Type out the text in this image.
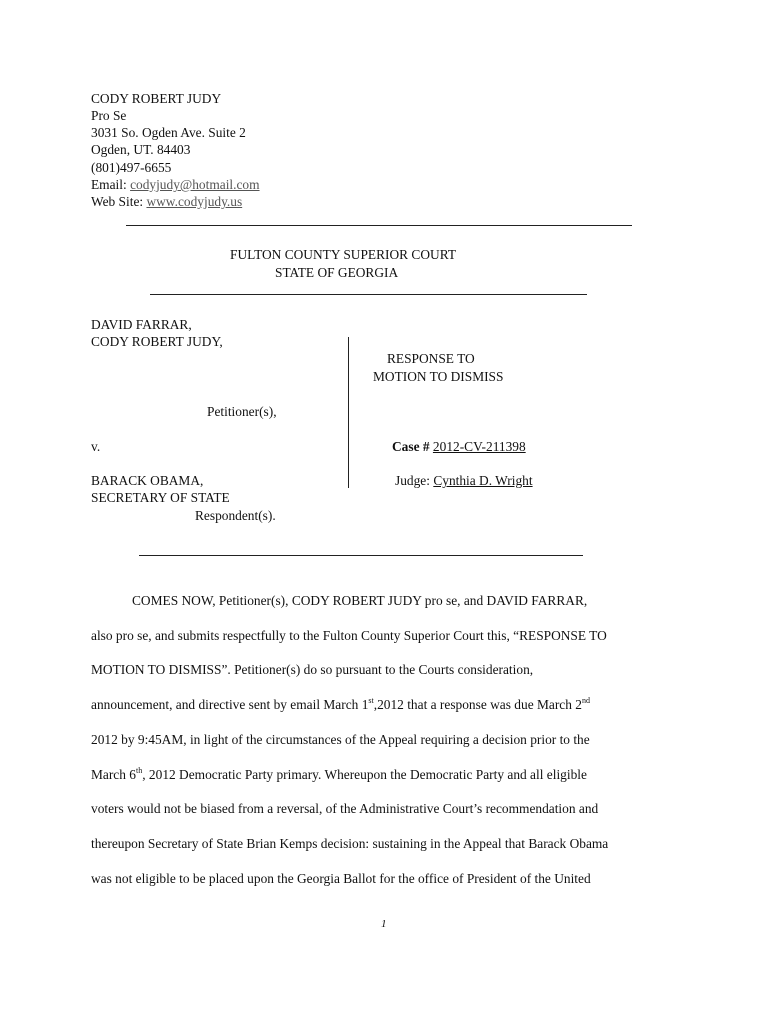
CODY ROBERT JUDY
Pro Se
3031 So. Ogden Ave. Suite 2
Ogden, UT. 84403
(801)497-6655
Email: codyjudy@hotmail.com
Web Site: www.codyjudy.us
FULTON COUNTY SUPERIOR COURT
STATE OF GEORGIA
DAVID FARRAR,
CODY ROBERT JUDY,
Petitioner(s),
v.
BARACK OBAMA,
SECRETARY OF STATE
Respondent(s).
RESPONSE TO
MOTION TO DISMISS
Case # 2012-CV-211398
Judge: Cynthia D. Wright
COMES NOW, Petitioner(s), CODY ROBERT JUDY pro se, and DAVID FARRAR,
also pro se, and submits respectfully to the Fulton County Superior Court this, “RESPONSE TO
MOTION TO DISMISS”. Petitioner(s) do so pursuant to the Courts consideration,
announcement, and directive sent by email March 1st,2012 that a response was due March 2nd
2012 by 9:45AM, in light of the circumstances of the Appeal requiring a decision prior to the
March 6th, 2012 Democratic Party primary. Whereupon the Democratic Party and all eligible
voters would not be biased from a reversal, of the Administrative Court’s recommendation and
thereupon Secretary of State Brian Kemps decision: sustaining in the Appeal that Barack Obama
was not eligible to be placed upon the Georgia Ballot for the office of President of the United
1
